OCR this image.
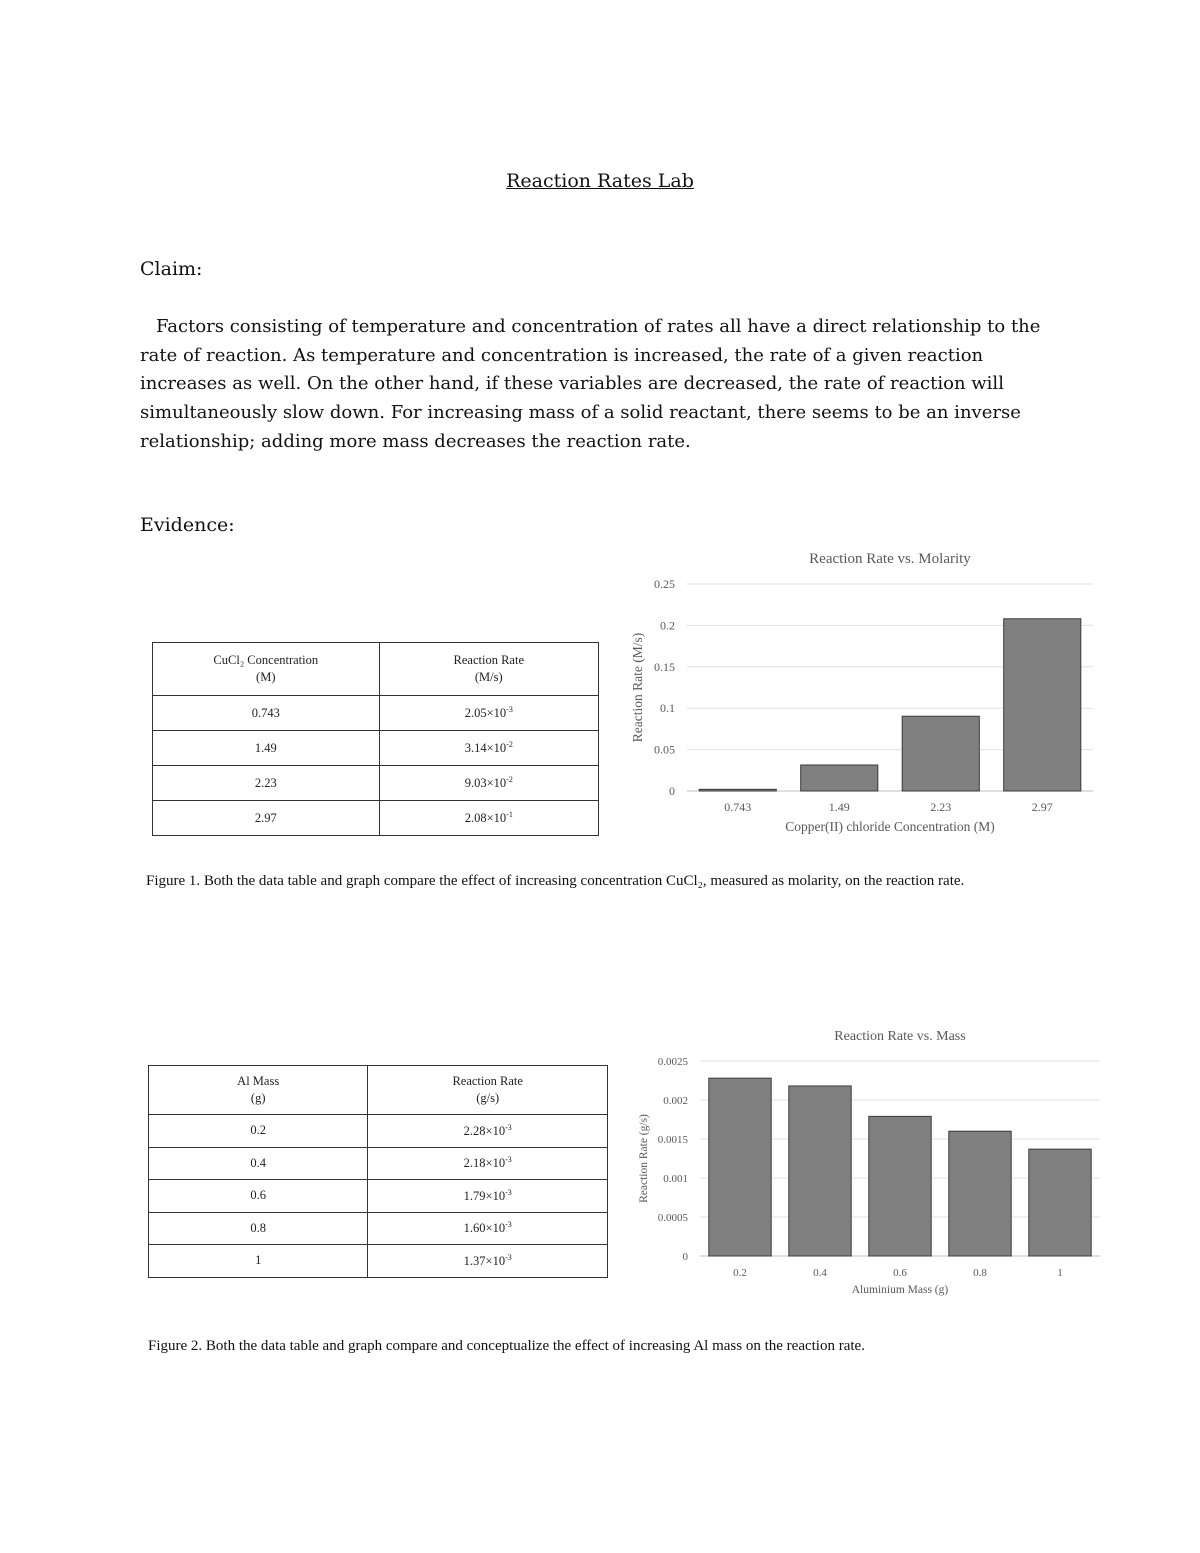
Reaction Rates Lab
Claim:
Factors consisting of temperature and concentration of rates all have a direct relationship to the rate of reaction. As temperature and concentration is increased, the rate of a given reaction increases as well. On the other hand, if these variables are decreased, the rate of reaction will simultaneously slow down. For increasing mass of a solid reactant, there seems to be an inverse relationship; adding more mass decreases the reaction rate.
Evidence:
CuCl₂ Concentration
(M)	Reaction Rate
(M/s)
0.743	$2.05\times 10^{-3}$
1.49	$3.14\times 10^{-2}$
2.23	$9.03\times 10^{-2}$
2.97	$2.08\times 10^{-1}$
Reaction Rate vs. Molarity
0
0.05
0.1
0.15
0.2
0.25
0.743	1.49	2.23	2.97
Copper(II) chloride Concentration (M)
Reaction Rate (M/s)
Figure 1. Both the data table and graph compare the effect of increasing concentration CuCl₂, measured as molarity, on the reaction rate.
Al Mass
(g)	Reaction Rate
(g/s)
0.2	$2.28\times 10^{-3}$
0.4	$2.18\times 10^{-3}$
0.6	$1.79\times 10^{-3}$
0.8	$1.60\times 10^{-3}$
1	$1.37\times 10^{-3}$
Reaction Rate vs. Mass
0
0.0005
0.001
0.0015
0.002
0.0025
0.2	0.4	0.6	0.8	1
Aluminium Mass (g)
Reaction Rate (g/s)
Figure 2. Both the data table and graph compare and conceptualize the effect of increasing Al mass on the reaction rate.
